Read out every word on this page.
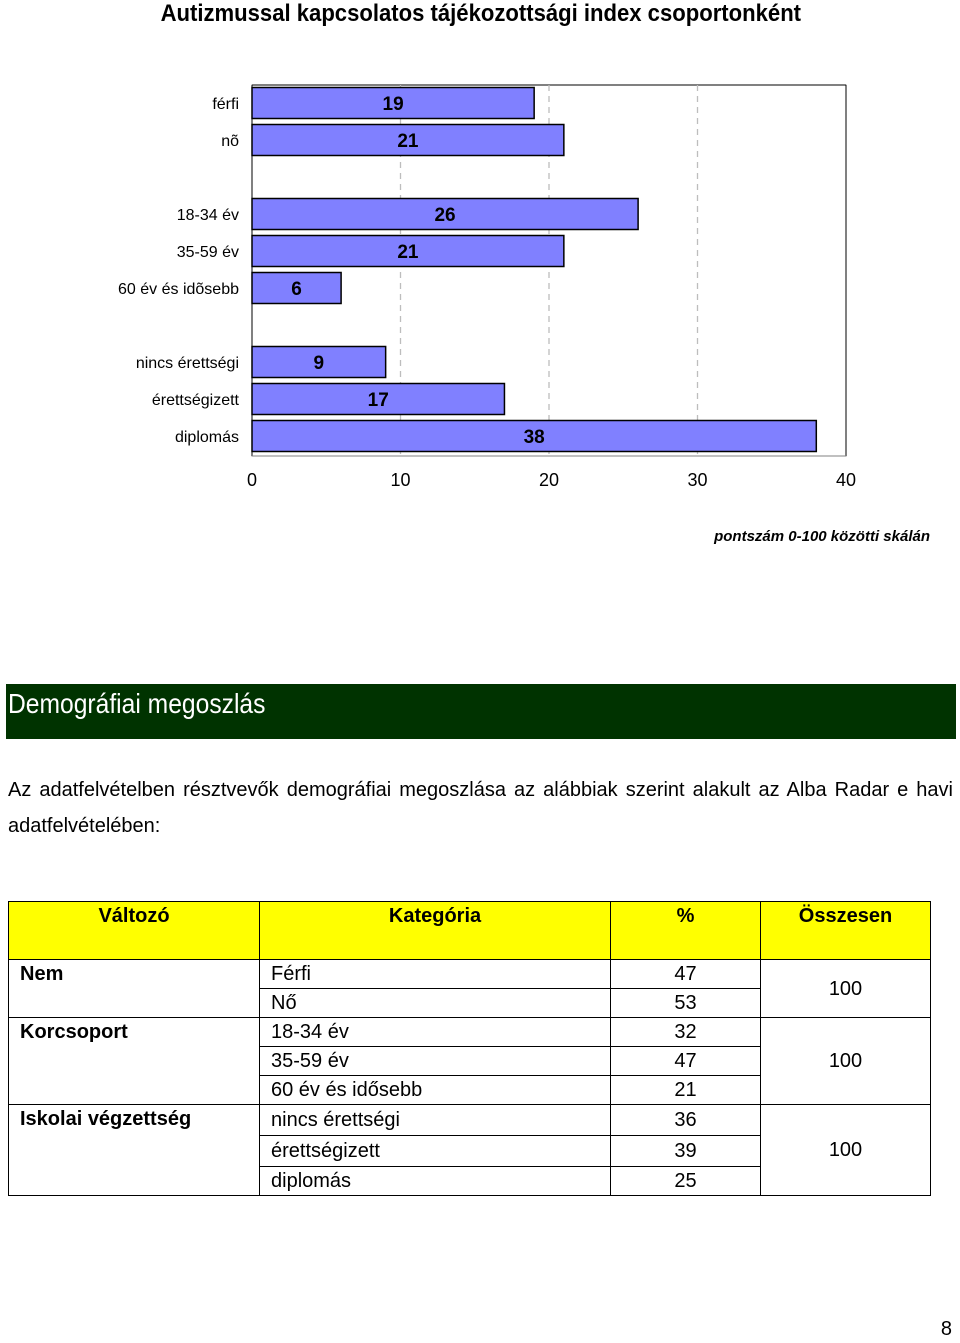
Autizmussal kapcsolatos tájékozottsági index csoportonként
0	10	20	30	40
férfi	19
nõ	21
18-34 év	26
35-59 év	21
60 év és idõsebb	6
nincs érettségi	9
érettségizett	17
diplomás	38
pontszám 0-100 közötti skálán
Demográfiai megoszlás
Az adatfelvételben résztvevők demográfiai megoszlása az alábbiak szerint alakult az Alba Radar e havi adatfelvételében:
Változó	Kategória	%	Összesen
Nem	Férfi	47	100
	Nő	53	
Korcsoport	18-34 év	32	100
	35-59 év	47	
	60 év és idősebb	21	
Iskolai végzettség	nincs érettségi	36	100
	érettségizett	39	
	diplomás	25	
8
